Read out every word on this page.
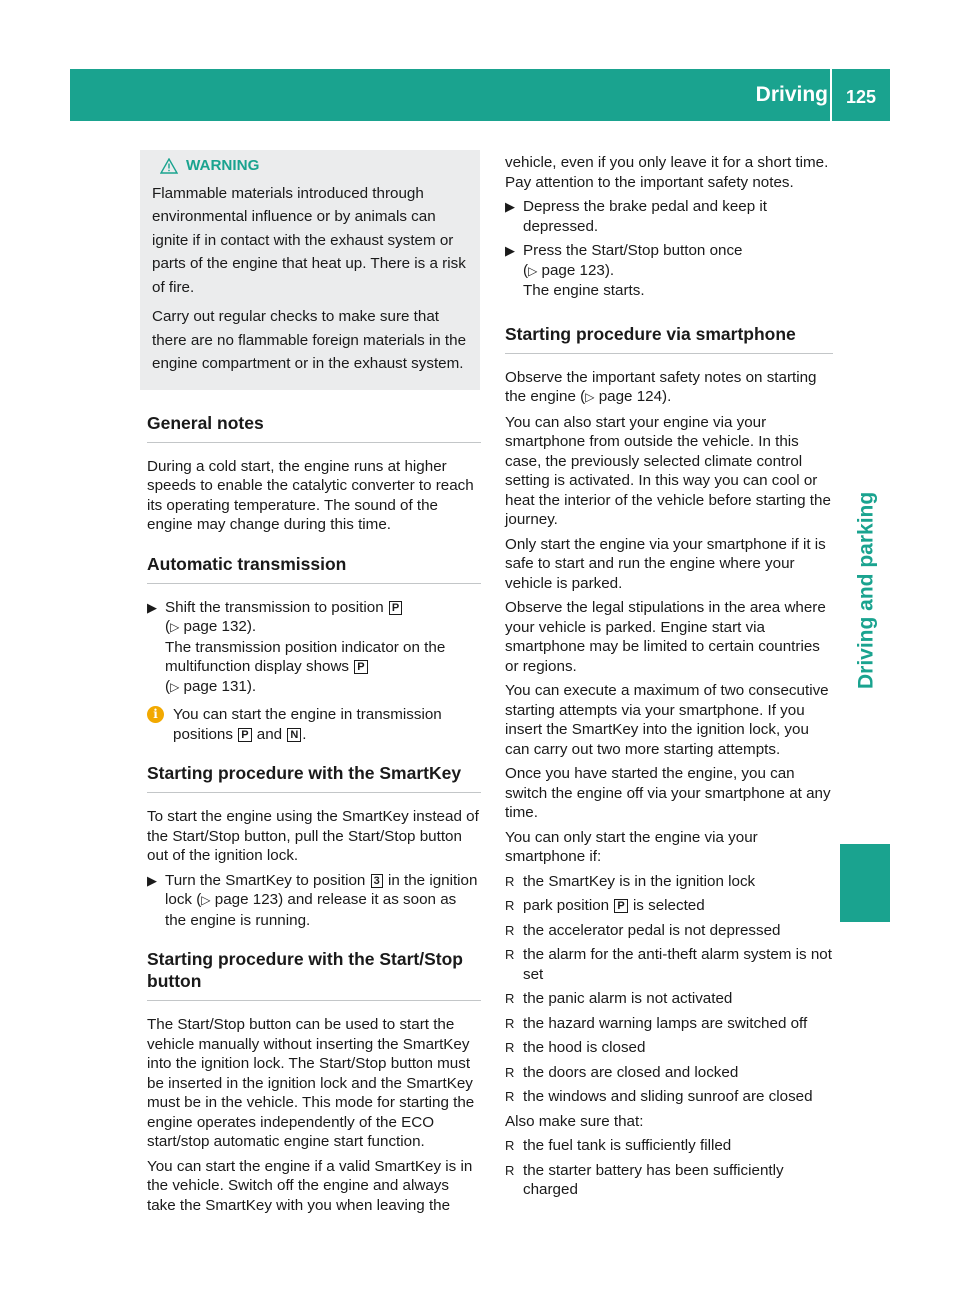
Driving 125
Driving and parking
WARNING

Flammable materials introduced through environmental influence or by animals can ignite if in contact with the exhaust system or parts of the engine that heat up. There is a risk of fire.

Carry out regular checks to make sure that there are no flammable foreign materials in the engine compartment or in the exhaust system.

General notes

During a cold start, the engine runs at higher speeds to enable the catalytic converter to reach its operating temperature. The sound of the engine may change during this time.

Automatic transmission
▶ Shift the transmission to position P
(▷ page 132).
The transmission position indicator on the multifunction display shows P
(▷ page 131).
i	You can start the engine in transmission positions P and N .
Starting procedure with the SmartKey

To start the engine using the SmartKey instead of the Start/Stop button, pull the Start/Stop button out of the ignition lock.

▶ Turn the SmartKey to position 3 in the ignition lock (▷ page 123) and release it as soon as the engine is running.
Starting procedure with the Start/Stop button

The Start/Stop button can be used to start the vehicle manually without inserting the SmartKey into the ignition lock. The Start/Stop button must be inserted in the ignition lock and the SmartKey must be in the vehicle. This mode for starting the engine operates independently of the ECO start/stop automatic engine start function.

You can start the engine if a valid SmartKey is in the vehicle. Switch off the engine and always take the SmartKey with you when leaving the

vehicle, even if you only leave it for a short time. Pay attention to the important safety notes.

▶ Depress the brake pedal and keep it depressed.
▶ Press the Start/Stop button once
(▷ page 123).
The engine starts.
Starting procedure via smartphone

Observe the important safety notes on starting the engine (▷ page 124).

You can also start your engine via your smartphone from outside the vehicle. In this case, the previously selected climate control setting is activated. In this way you can cool or heat the interior of the vehicle before starting the journey.

Only start the engine via your smartphone if it is safe to start and run the engine where your vehicle is parked.

Observe the legal stipulations in the area where your vehicle is parked. Engine start via smartphone may be limited to certain countries or regions.

You can execute a maximum of two consecutive starting attempts via your smartphone. If you insert the SmartKey into the ignition lock, you can carry out two more starting attempts.

Once you have started the engine, you can switch the engine off via your smartphone at any time.

You can only start the engine via your smartphone if:

R the SmartKey is in the ignition lock
R park position P is selected
R the accelerator pedal is not depressed
R the alarm for the anti-theft alarm system is not set
R the panic alarm is not activated
R the hazard warning lamps are switched off
R the hood is closed
R the doors are closed and locked
R the windows and sliding sunroof are closed

Also make sure that:

R the fuel tank is sufficiently filled
R the starter battery has been sufficiently charged
